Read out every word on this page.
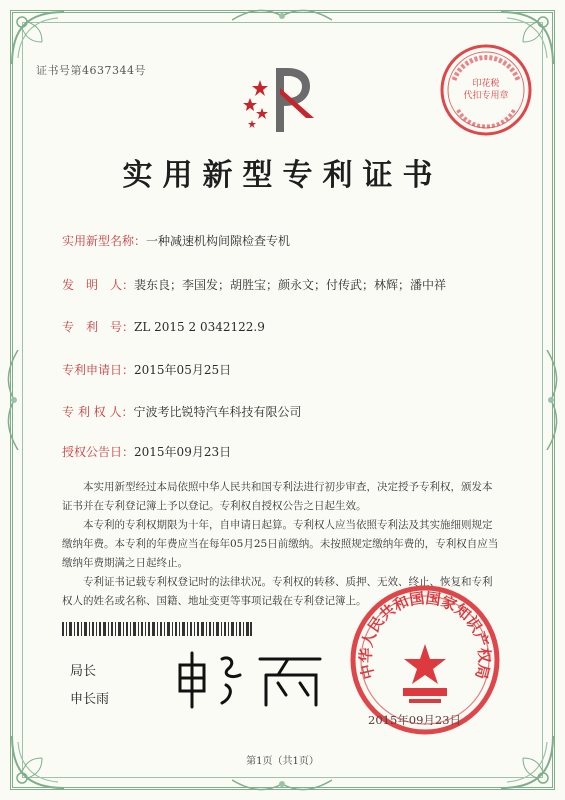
证书号第4637344号
印花税
代扣专用章
实用新型专利证书
实用新型名称：一种减速机构间隙检查专机
发　明　人：裴东良；李国发；胡胜宝；颜永文；付传武；林辉；潘中祥
专　利　号：ZL 2015 2 0342122.9
专利申请日：2015年05月25日
专 利 权 人：宁波考比锐特汽车科技有限公司
授权公告日：2015年09月23日

本实用新型经过本局依照中华人民共和国专利法进行初步审查，决定授予专利权，颁发本证书并在专利登记簿上予以登记。专利权自授权公告之日起生效。

本专利的专利权期限为十年，自申请日起算。专利权人应当依照专利法及其实施细则规定缴纳年费。本专利的年费应当在每年05月25日前缴纳。未按照规定缴纳年费的，专利权自应当缴纳年费期满之日起终止。

专利证书记载专利权登记时的法律状况。专利权的转移、质押、无效、终止、恢复和专利权人的姓名或名称、国籍、地址变更等事项记载在专利登记簿上。

局长
申长雨
中华人民共和国国家知识产权局
2015年09月23日
第1页（共1页）
